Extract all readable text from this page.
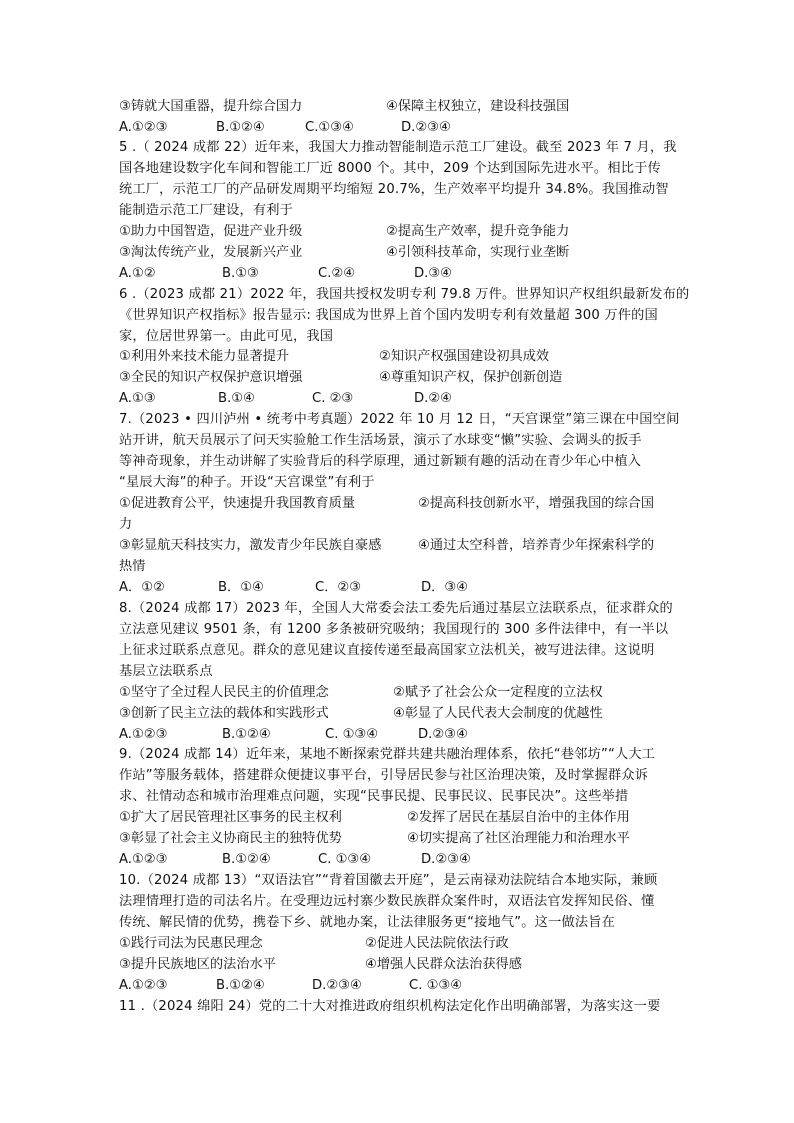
③铸就大国重器，提升综合国力	④保障主权独立，建设科技强国
A.①②③	B.①②④	C.①③④	D.②③④
5 .（ 2024 成都 22）近年来，我国大力推动智能制造示范工厂建设。截至 2023 年 7 月，我
国各地建设数字化车间和智能工厂近 8000 个。其中，209 个达到国际先进水平。相比于传
统工厂，示范工厂的产品研发周期平均缩短 20.7%，生产效率平均提升 34.8%。我国推动智
能制造示范工厂建设，有利于
①助力中国智造，促进产业升级	②提高生产效率，提升竞争能力
③淘汰传统产业，发展新兴产业	④引领科技革命，实现行业垄断
A.①②	B.①③	C.②④	D.③④
6 .（2023 成都 21）2022 年，我国共授权发明专利 79.8 万件。世界知识产权组织最新发布的
《世界知识产权指标》报告显示: 我国成为世界上首个国内发明专利有效量超 300 万件的国
家，位居世界第一。由此可见，我国
①利用外来技术能力显著提升	②知识产权强国建设初具成效
③全民的知识产权保护意识增强	④尊重知识产权，保护创新创造
A.①③	B.①④	C. ②③	D.②④
7.（2023 • 四川泸州 • 统考中考真题）2022 年 10 月 12 日，“天宫课堂”第三课在中国空间
站开讲，航天员展示了问天实验舱工作生活场景，演示了水球变“懒”实验、会调头的扳手
等神奇现象，并生动讲解了实验背后的科学原理，通过新颖有趣的活动在青少年心中植入
“星辰大海”的种子。开设“天宫课堂”有利于
①促进教育公平，快速提升我国教育质量	②提高科技创新水平，增强我国的综合国
力
③彰显航天科技实力，激发青少年民族自豪感	④通过太空科普，培养青少年探索科学的
热情
A．①②	B．①④	C．②③	D．③④
8.（2024 成都 17）2023 年，全国人大常委会法工委先后通过基层立法联系点，征求群众的
立法意见建议 9501 条，有 1200 多条被研究吸纳；我国现行的 300 多件法律中，有一半以
上征求过联系点意见。群众的意见建议直接传递至最高国家立法机关，被写进法律。这说明
基层立法联系点
①坚守了全过程人民民主的价值理念	②赋予了社会公众一定程度的立法权
③创新了民主立法的载体和实践形式	④彰显了人民代表大会制度的优越性
A.①②③	B.①②④	C. ①③④	D.②③④
9.（2024 成都 14）近年来，某地不断探索党群共建共融治理体系，依托“巷邻坊”“人大工
作站”等服务载体，搭建群众便捷议事平台，引导居民参与社区治理决策，及时掌握群众诉
求、社情动态和城市治理难点问题，实现“民事民提、民事民议、民事民决”。这些举措
①扩大了居民管理社区事务的民主权利	②发挥了居民在基层自治中的主体作用
③彰显了社会主义协商民主的独特优势	④切实提高了社区治理能力和治理水平
A.①②③	B.①②④	C. ①③④	D.②③④
10.（2024 成都 13）“双语法官”“背着国徽去开庭”，是云南禄劝法院结合本地实际，兼顾
法理情理打造的司法名片。在受理边远村寨少数民族群众案件时，双语法官发挥知民俗、懂
传统、解民情的优势，携卷下乡、就地办案，让法律服务更“接地气”。这一做法旨在
①践行司法为民惠民理念	②促进人民法院依法行政
③提升民族地区的法治水平	④增强人民群众法治获得感
A.①②③	B.①②④	D.②③④	C. ①③④
11 .（2024 绵阳 24）党的二十大对推进政府组织机构法定化作出明确部署，为落实这一要
